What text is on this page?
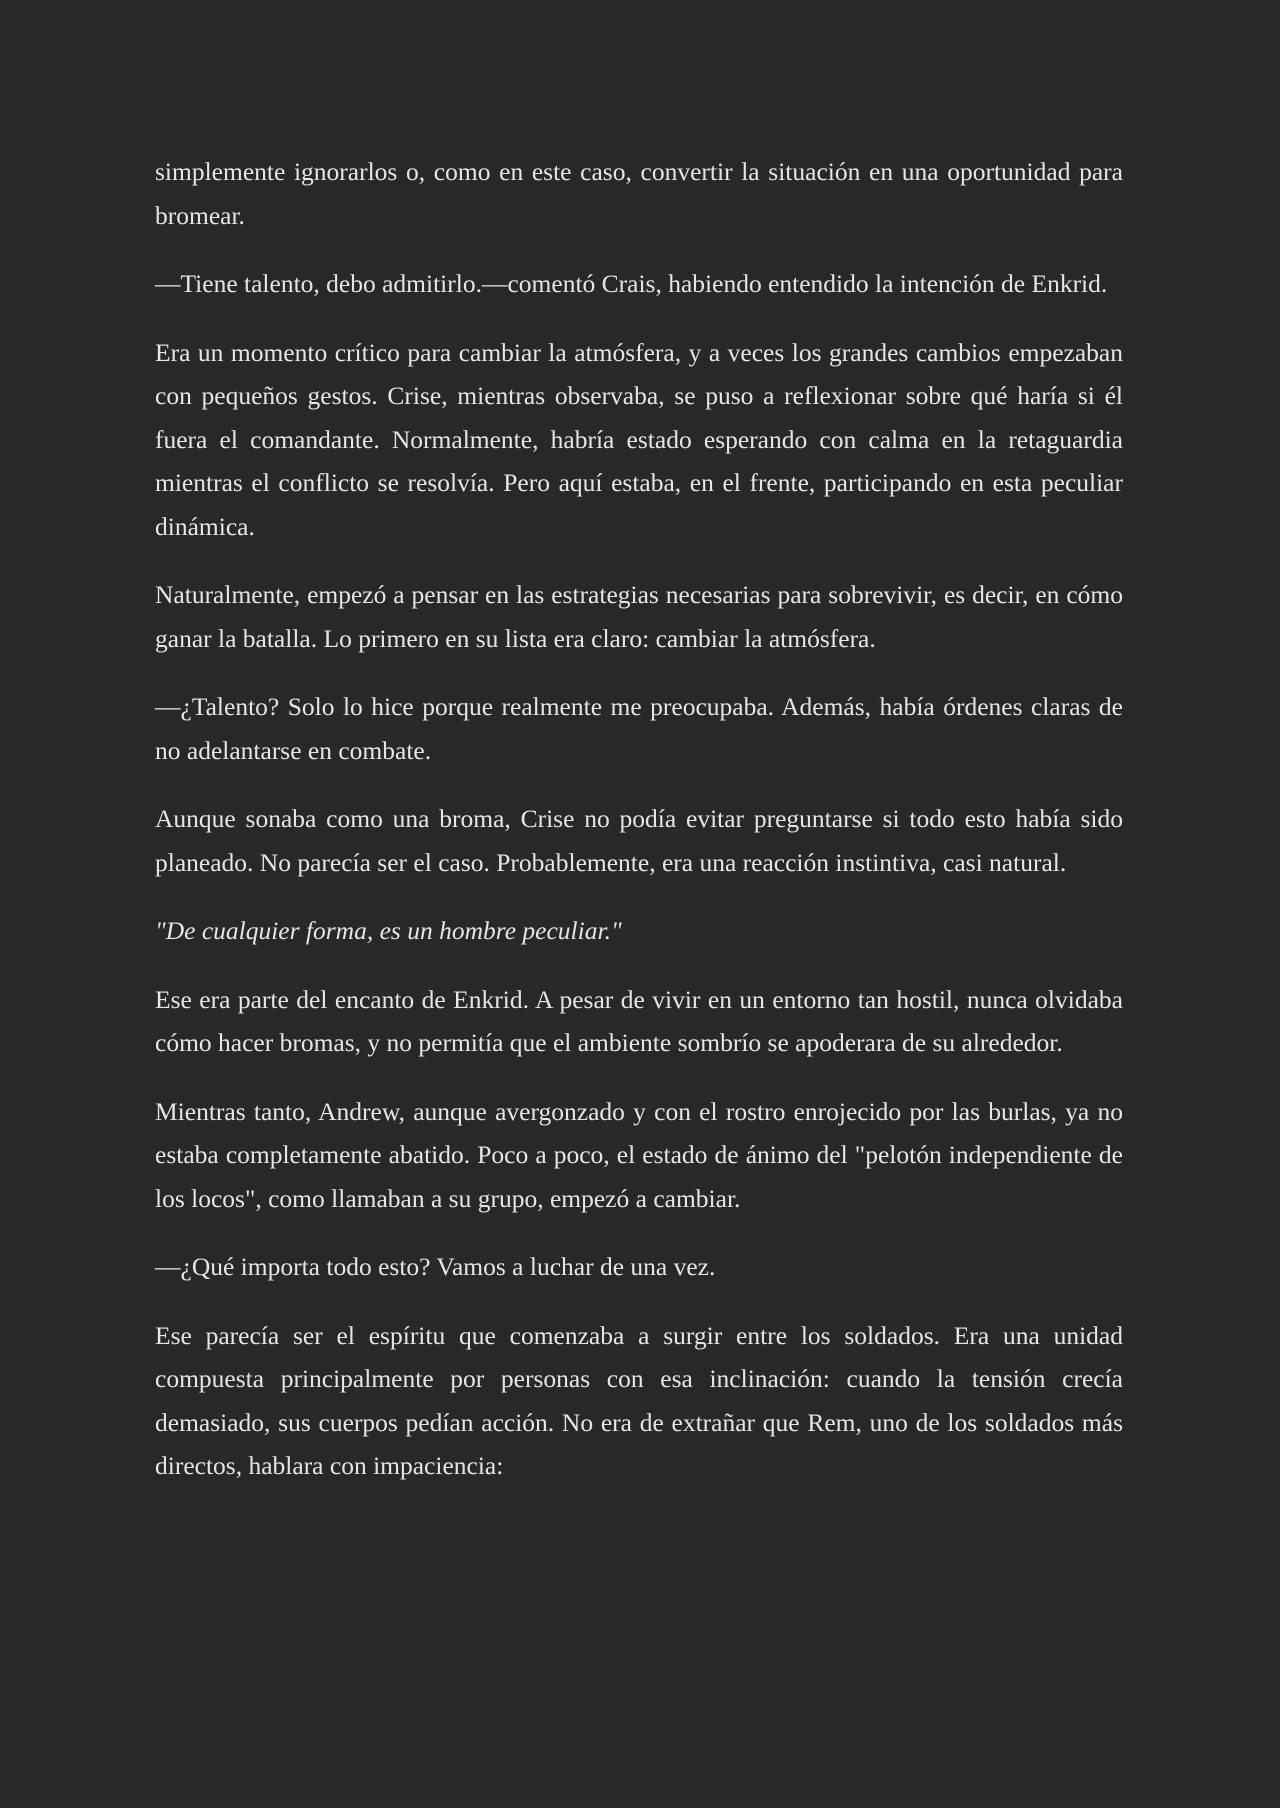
simplemente ignorarlos o, como en este caso, convertir la situación en una oportunidad para bromear.

—Tiene talento, debo admitirlo.—comentó Crais, habiendo entendido la intención de Enkrid.

Era un momento crítico para cambiar la atmósfera, y a veces los grandes cambios empezaban con pequeños gestos. Crise, mientras observaba, se puso a reflexionar sobre qué haría si él fuera el comandante. Normalmente, habría estado esperando con calma en la retaguardia mientras el conflicto se resolvía. Pero aquí estaba, en el frente, participando en esta peculiar dinámica.

Naturalmente, empezó a pensar en las estrategias necesarias para sobrevivir, es decir, en cómo ganar la batalla. Lo primero en su lista era claro: cambiar la atmósfera.

—¿Talento? Solo lo hice porque realmente me preocupaba. Además, había órdenes claras de no adelantarse en combate.

Aunque sonaba como una broma, Crise no podía evitar preguntarse si todo esto había sido planeado. No parecía ser el caso. Probablemente, era una reacción instintiva, casi natural.

"De cualquier forma, es un hombre peculiar."

Ese era parte del encanto de Enkrid. A pesar de vivir en un entorno tan hostil, nunca olvidaba cómo hacer bromas, y no permitía que el ambiente sombrío se apoderara de su alrededor.

Mientras tanto, Andrew, aunque avergonzado y con el rostro enrojecido por las burlas, ya no estaba completamente abatido. Poco a poco, el estado de ánimo del "pelotón independiente de los locos", como llamaban a su grupo, empezó a cambiar.

—¿Qué importa todo esto? Vamos a luchar de una vez.

Ese parecía ser el espíritu que comenzaba a surgir entre los soldados. Era una unidad compuesta principalmente por personas con esa inclinación: cuando la tensión crecía demasiado, sus cuerpos pedían acción. No era de extrañar que Rem, uno de los soldados más directos, hablara con impaciencia:
